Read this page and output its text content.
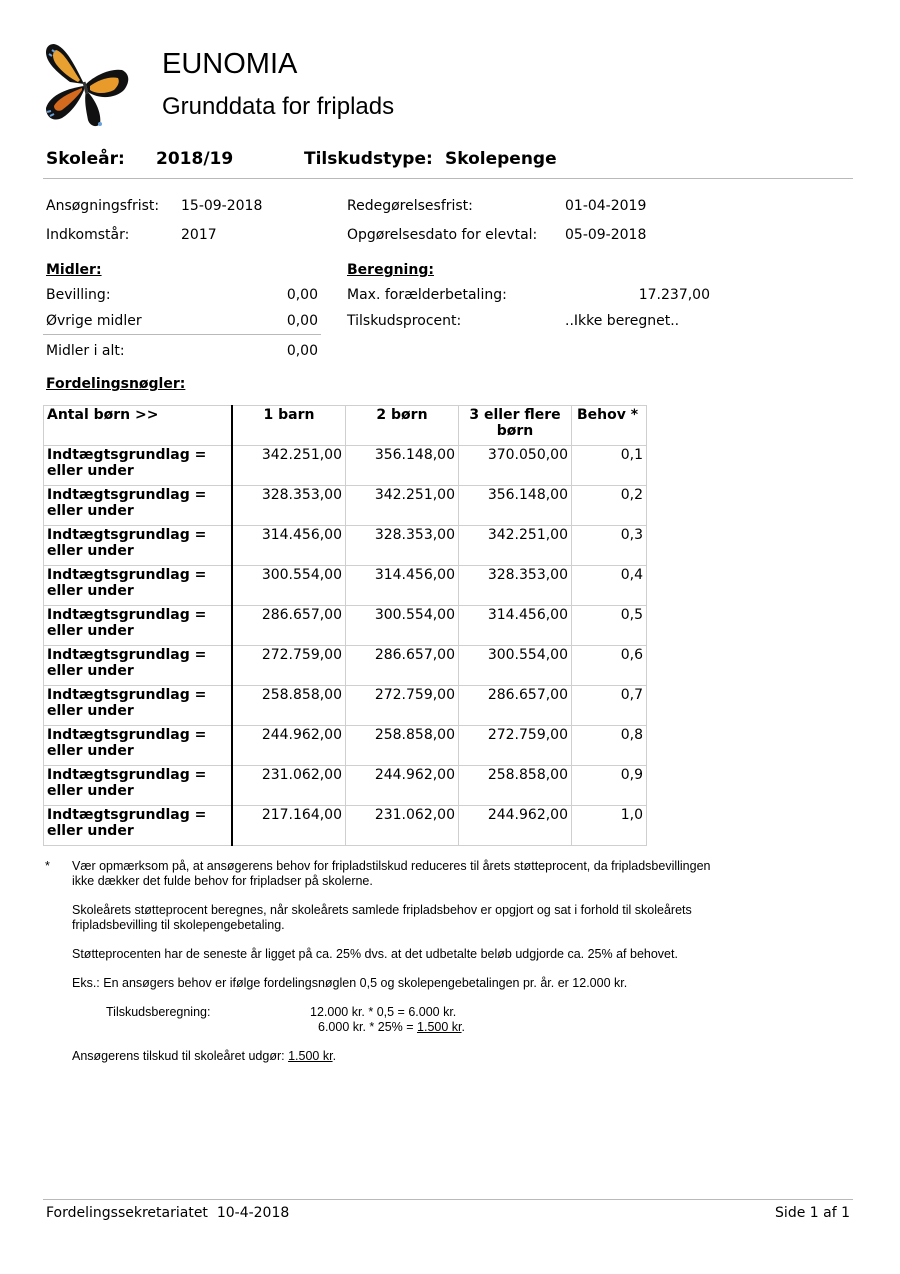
EUNOMIA
Grunddata for friplads
Skoleår: 2018/19	Tilskudstype: Skolepenge
Ansøgningsfrist: 15-09-2018
Indkomstår:	2017
Redegørelsesfrist:	01-04-2019
Opgørelsesdato for elevtal: 05-09-2018
Midler:
Bevilling:	0,00
Øvrige midler	0,00
Midler i alt:	0,00
Beregning:
Max. forælderbetaling:	17.237,00
Tilskudsprocent:	..Ikke beregnet..
Fordelingsnøgler:
Antal børn >>	1 barn	2 børn	3 eller flere børn	Behov *
Indtægtsgrundlag = eller under	342.251,00	356.148,00	370.050,00	0,1
Indtægtsgrundlag = eller under	328.353,00	342.251,00	356.148,00	0,2
Indtægtsgrundlag = eller under	314.456,00	328.353,00	342.251,00	0,3
Indtægtsgrundlag = eller under	300.554,00	314.456,00	328.353,00	0,4
Indtægtsgrundlag = eller under	286.657,00	300.554,00	314.456,00	0,5
Indtægtsgrundlag = eller under	272.759,00	286.657,00	300.554,00	0,6
Indtægtsgrundlag = eller under	258.858,00	272.759,00	286.657,00	0,7
Indtægtsgrundlag = eller under	244.962,00	258.858,00	272.759,00	0,8
Indtægtsgrundlag = eller under	231.062,00	244.962,00	258.858,00	0,9
Indtægtsgrundlag = eller under	217.164,00	231.062,00	244.962,00	1,0
* Vær opmærksom på, at ansøgerens behov for fripladstilskud reduceres til årets støtteprocent, da fripladsbevillingen
ikke dækker det fulde behov for fripladser på skolerne.
Skoleårets støtteprocent beregnes, når skoleårets samlede fripladsbehov er opgjort og sat i forhold til skoleårets
fripladsbevilling til skolepengebetaling.
Støtteprocenten har de seneste år ligget på ca. 25% dvs. at det udbetalte beløb udgjorde ca. 25% af behovet.
Eks.: En ansøgers behov er ifølge fordelingsnøglen 0,5 og skolepengebetalingen pr. år. er 12.000 kr.
Tilskudsberegning:	12.000 kr. * 0,5 = 6.000 kr.
6.000 kr. * 25% = 1.500 kr.
Ansøgerens tilskud til skoleåret udgør: 1.500 kr.
Fordelingssekretariatet  10-4-2018	Side 1 af 1
